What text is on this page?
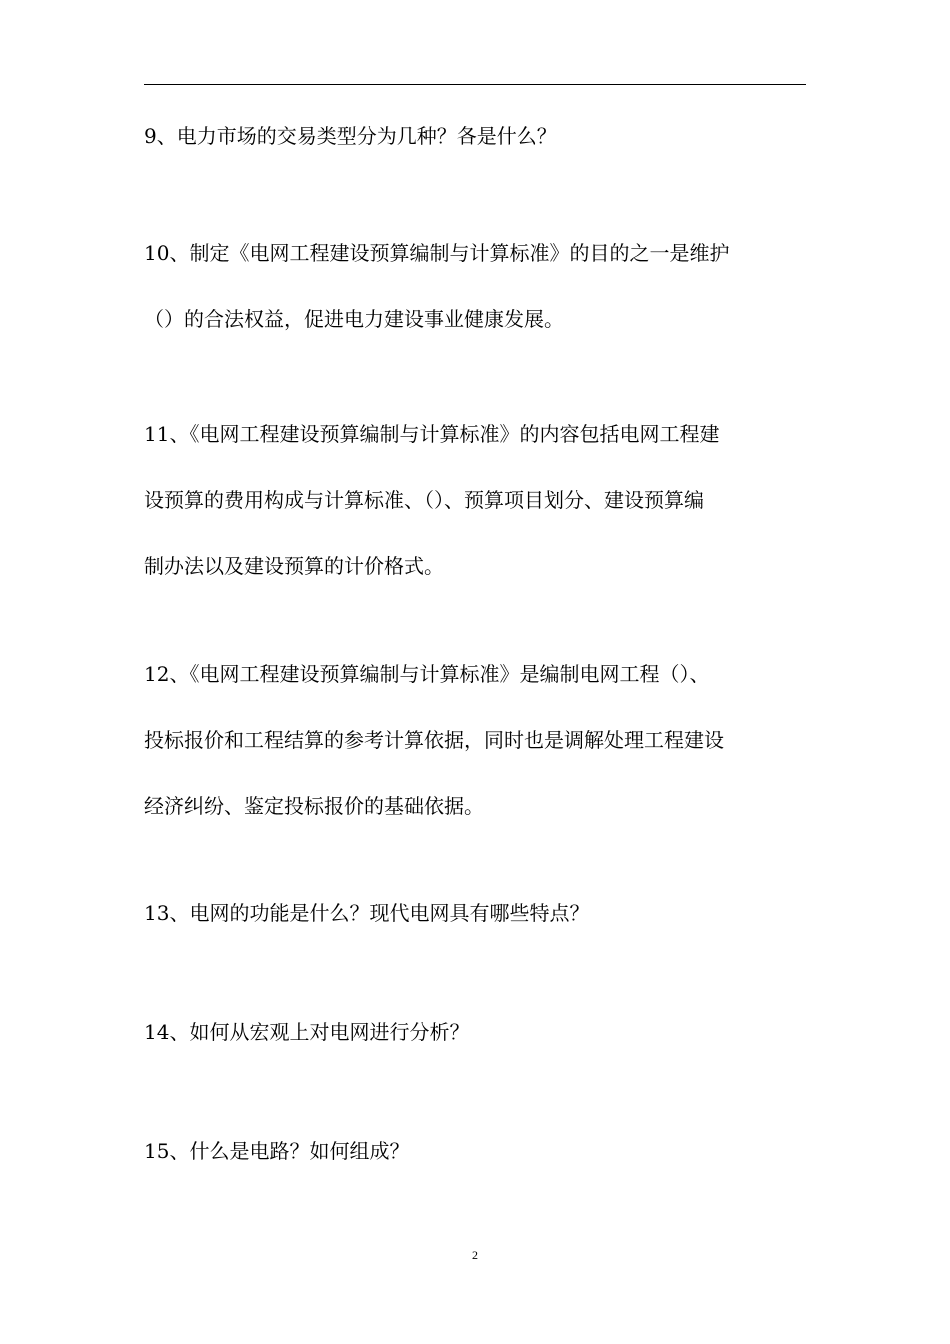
9、电力市场的交易类型分为几种？各是什么？
10、制定《电网工程建设预算编制与计算标准》的目的之一是维护
（）的合法权益，促进电力建设事业健康发展。
11、《电网工程建设预算编制与计算标准》的内容包括电网工程建
设预算的费用构成与计算标准、（）、预算项目划分、建设预算编
制办法以及建设预算的计价格式。
12、《电网工程建设预算编制与计算标准》是编制电网工程（）、
投标报价和工程结算的参考计算依据，同时也是调解处理工程建设
经济纠纷、鉴定投标报价的基础依据。
13、电网的功能是什么？现代电网具有哪些特点？
14、如何从宏观上对电网进行分析？
15、什么是电路？如何组成？
2
